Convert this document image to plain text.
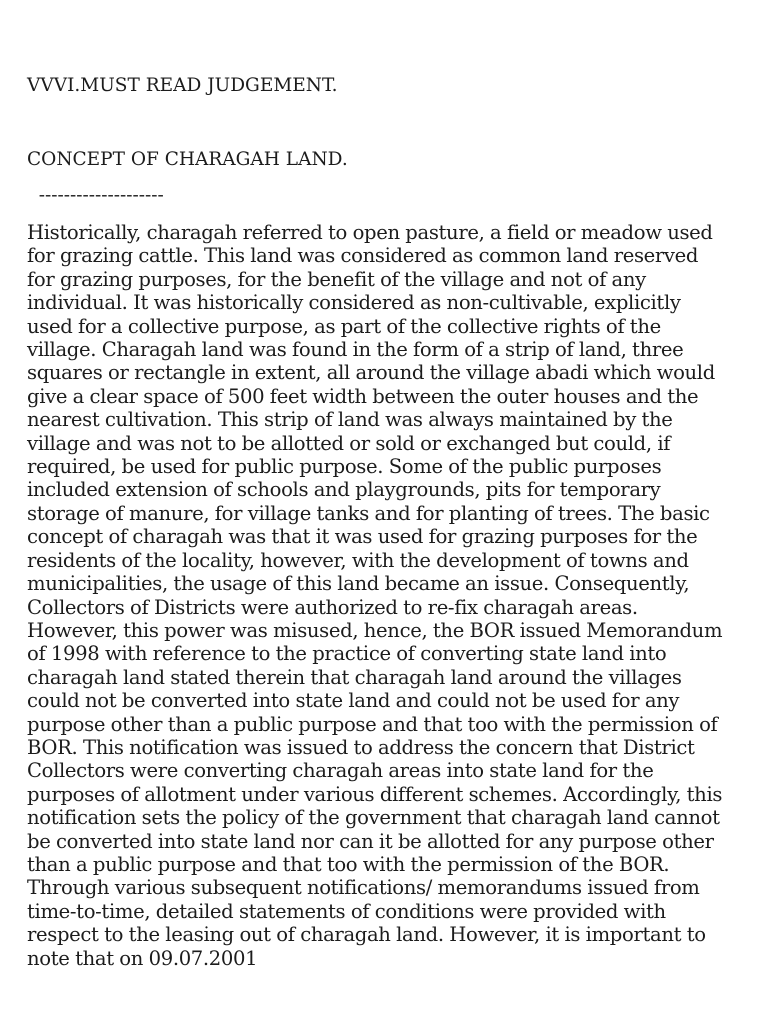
VVVI.MUST READ JUDGEMENT.

CONCEPT OF CHARAGAH LAND.

--------------------

Historically, charagah referred to open pasture, a field or meadow used for grazing cattle. This land was considered as common land reserved for grazing purposes, for the benefit of the village and not of any individual. It was historically considered as non-cultivable, explicitly used for a collective purpose, as part of the collective rights of the village. Charagah land was found in the form of a strip of land, three squares or rectangle in extent, all around the village abadi which would give a clear space of 500 feet width between the outer houses and the nearest cultivation. This strip of land was always maintained by the village and was not to be allotted or sold or exchanged but could, if required, be used for public purpose. Some of the public purposes included extension of schools and playgrounds, pits for temporary storage of manure, for village tanks and for planting of trees. The basic concept of charagah was that it was used for grazing purposes for the residents of the locality, however, with the development of towns and municipalities, the usage of this land became an issue. Consequently, Collectors of Districts were authorized to re-fix charagah areas. However, this power was misused, hence, the BOR issued Memorandum of 1998 with reference to the practice of converting state land into charagah land stated therein that charagah land around the villages could not be converted into state land and could not be used for any purpose other than a public purpose and that too with the permission of BOR. This notification was issued to address the concern that District Collectors were converting charagah areas into state land for the purposes of allotment under various different schemes. Accordingly, this notification sets the policy of the government that charagah land cannot be converted into state land nor can it be allotted for any purpose other than a public purpose and that too with the permission of the BOR. Through various subsequent notifications/ memorandums issued from time-to-time, detailed statements of conditions were provided with respect to the leasing out of charagah land. However, it is important to note that on 09.07.2001
